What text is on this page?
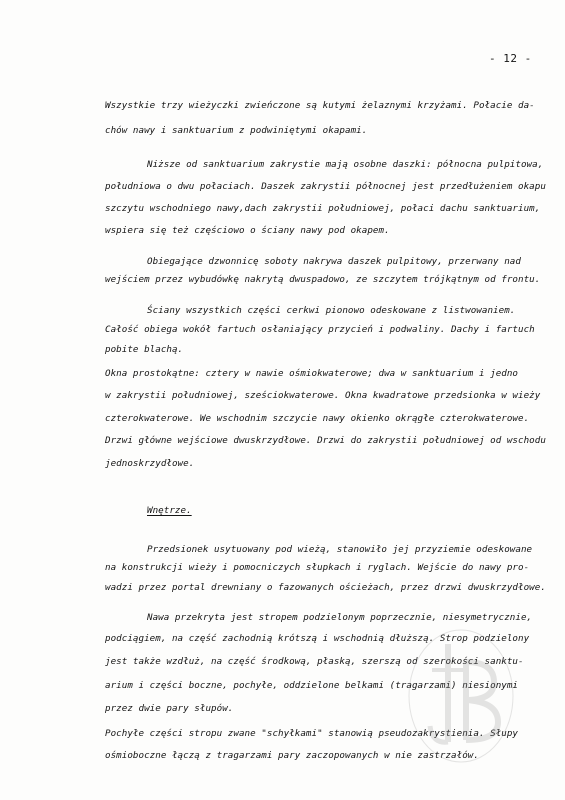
- 12 -
Wszystkie trzy wieżyczki zwieńczone są kutymi żelaznymi krzyżami. Połacie da-
chów nawy i sanktuarium z podwiniętymi okapami.
Niższe od sanktuarium zakrystie mają osobne daszki: północna pulpitowa,
południowa o dwu połaciach. Daszek zakrystii północnej jest przedłużeniem okapu
szczytu wschodniego nawy,dach zakrystii południowej, połaci dachu sanktuarium,
wspiera się też częściowo o ściany nawy pod okapem.
Obiegające dzwonnicę soboty nakrywa daszek pulpitowy, przerwany nad
wejściem przez wybudówkę nakrytą dwuspadowo, ze szczytem trójkątnym od frontu.
Ściany wszystkich części cerkwi pionowo odeskowane z listwowaniem.
Całość obiega wokół fartuch osłaniający przyciеń i podwaliny. Dachy i fartuch
pobite blachą.
Okna prostokątne: cztery w nawie ośmiokwaterowe; dwa w sanktuarium i jedno
w zakrystii południowej, sześciokwaterowe. Okna kwadratowe przedsionka w wieży
czterokwaterowe. We wschodnim szczycie nawy okienko okrągłe czterokwaterowe.
Drzwi główne wejściowe dwuskrzydłowe. Drzwi do zakrystii południowej od wschodu
jednoskrzydłowe.
Wnętrze.
Przedsionek usytuowany pod wieżą, stanowiło jej przyziemie odeskowane
na konstrukcji wieży i pomocniczych słupkach i ryglach. Wejście do nawy pro-
wadzi przez portal drewniany o fazowanych ościeżach, przez drzwi dwuskrzydłowe.
Nawa przekryta jest stropem podzielonym poprzecznie, niesymetrycznie,
podciągiem, na część zachodnią krótszą i wschodnią dłuższą. Strop podzielony
jest także wzdłuż, na część środkową, płaską, szerszą od szerokości sanktu-
arium i części boczne, pochyłe, oddzielone belkami (tragarzami) niesionymi
przez dwie pary słupów.
Pochyłe części stropu zwane "schyłkami" stanowią pseudozakrystienia. Słupy
ośmioboczne łączą z tragarzami pary zaczopowanych w nie zastrzałów.
